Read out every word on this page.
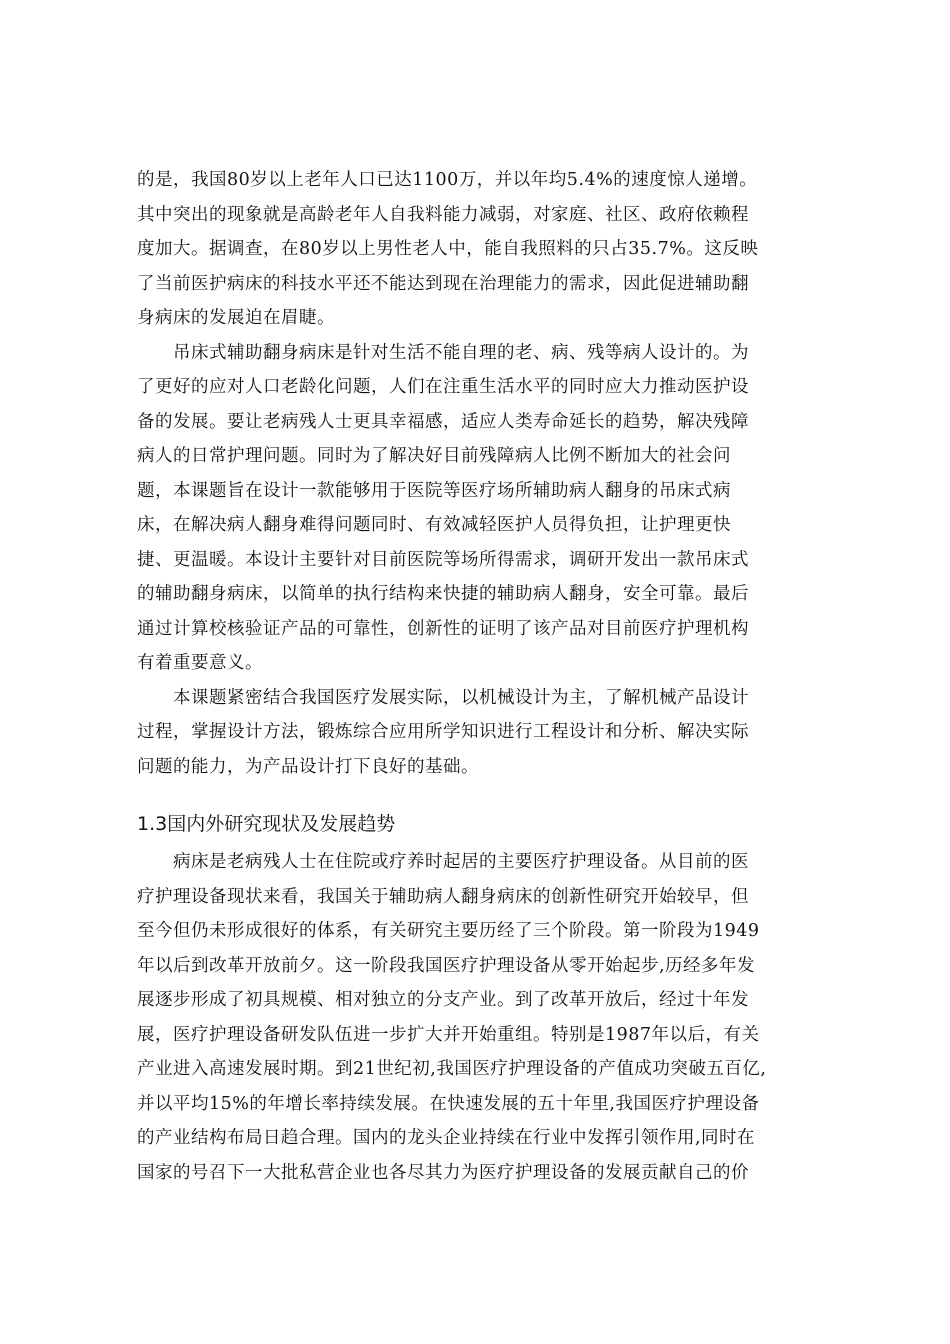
的是，我国80岁以上老年人口已达1100万，并以年均5.4%的速度惊人递增。
其中突出的现象就是高龄老年人自我料能力减弱，对家庭、社区、政府依赖程
度加大。据调查，在80岁以上男性老人中，能自我照料的只占35.7%。这反映
了当前医护病床的科技水平还不能达到现在治理能力的需求，因此促进辅助翻
身病床的发展迫在眉睫。
　　吊床式辅助翻身病床是针对生活不能自理的老、病、残等病人设计的。为
了更好的应对人口老龄化问题，人们在注重生活水平的同时应大力推动医护设
备的发展。要让老病残人士更具幸福感，适应人类寿命延长的趋势，解决残障
病人的日常护理问题。同时为了解决好目前残障病人比例不断加大的社会问
题，本课题旨在设计一款能够用于医院等医疗场所辅助病人翻身的吊床式病
床，在解决病人翻身难得问题同时、有效减轻医护人员得负担，让护理更快
捷、更温暖。本设计主要针对目前医院等场所得需求，调研开发出一款吊床式
的辅助翻身病床，以简单的执行结构来快捷的辅助病人翻身，安全可靠。最后
通过计算校核验证产品的可靠性，创新性的证明了该产品对目前医疗护理机构
有着重要意义。
　　本课题紧密结合我国医疗发展实际，以机械设计为主，了解机械产品设计
过程，掌握设计方法，锻炼综合应用所学知识进行工程设计和分析、解决实际
问题的能力，为产品设计打下良好的基础。
1.3国内外研究现状及发展趋势
　　病床是老病残人士在住院或疗养时起居的主要医疗护理设备。从目前的医
疗护理设备现状来看，我国关于辅助病人翻身病床的创新性研究开始较早，但
至今但仍未形成很好的体系，有关研究主要历经了三个阶段。第一阶段为1949
年以后到改革开放前夕。这一阶段我国医疗护理设备从零开始起步,历经多年发
展逐步形成了初具规模、相对独立的分支产业。到了改革开放后，经过十年发
展，医疗护理设备研发队伍进一步扩大并开始重组。特别是1987年以后，有关
产业进入高速发展时期。到21世纪初,我国医疗护理设备的产值成功突破五百亿,
并以平均15%的年增长率持续发展。在快速发展的五十年里,我国医疗护理设备
的产业结构布局日趋合理。国内的龙头企业持续在行业中发挥引领作用,同时在
国家的号召下一大批私营企业也各尽其力为医疗护理设备的发展贡献自己的价
